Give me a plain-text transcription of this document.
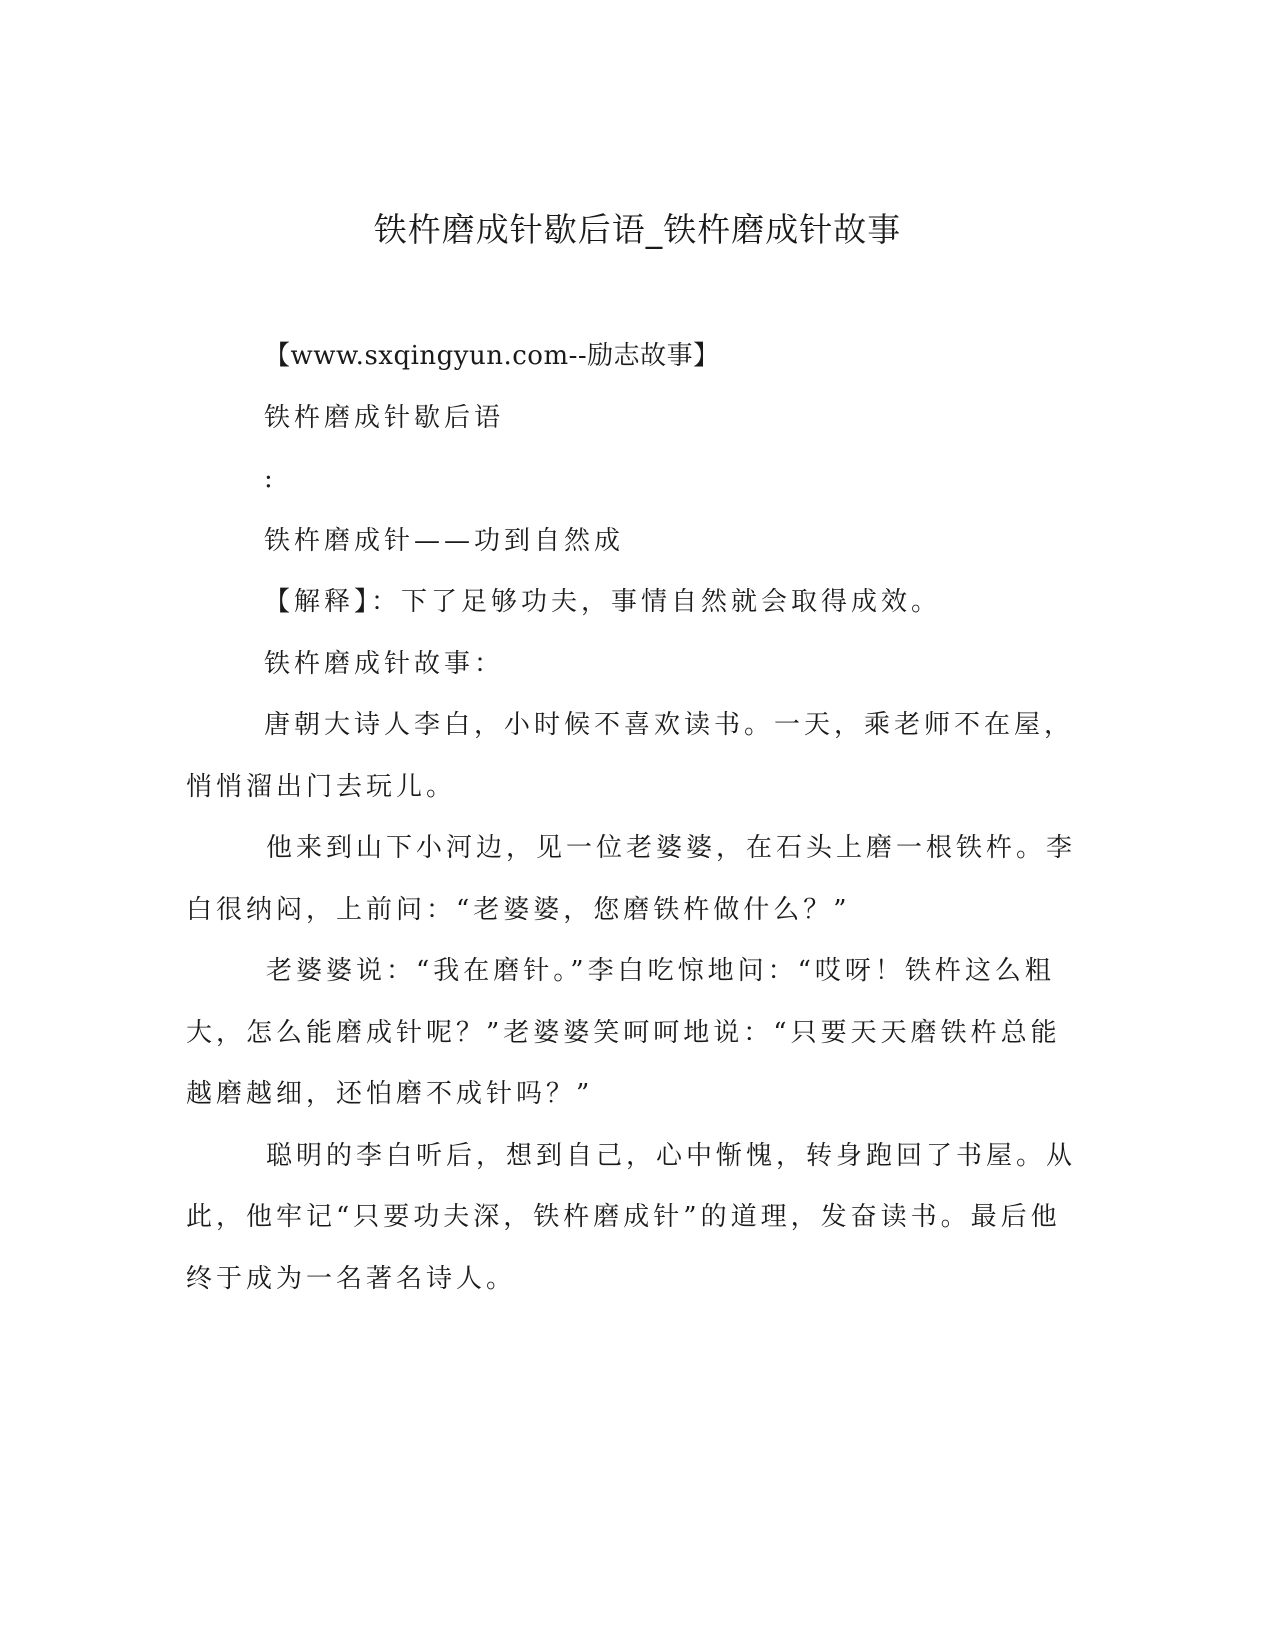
铁杵磨成针歇后语_铁杵磨成针故事

【www.sxqingyun.com--励志故事】

铁杵磨成针歇后语

:

铁杵磨成针——功到自然成

【解释】：下了足够功夫，事情自然就会取得成效。

铁杵磨成针故事：

唐朝大诗人李白，小时候不喜欢读书。一天，乘老师不在屋，悄悄溜出门去玩儿。

他来到山下小河边，见一位老婆婆，在石头上磨一根铁杵。李白很纳闷，上前问：“老婆婆，您磨铁杵做什么？”

老婆婆说：“我在磨针。”李白吃惊地问：“哎呀！铁杵这么粗大，怎么能磨成针呢？”老婆婆笑呵呵地说：“只要天天磨铁杵总能越磨越细，还怕磨不成针吗？”

聪明的李白听后，想到自己，心中惭愧，转身跑回了书屋。从此，他牢记“只要功夫深，铁杵磨成针”的道理，发奋读书。最后他终于成为一名著名诗人。
